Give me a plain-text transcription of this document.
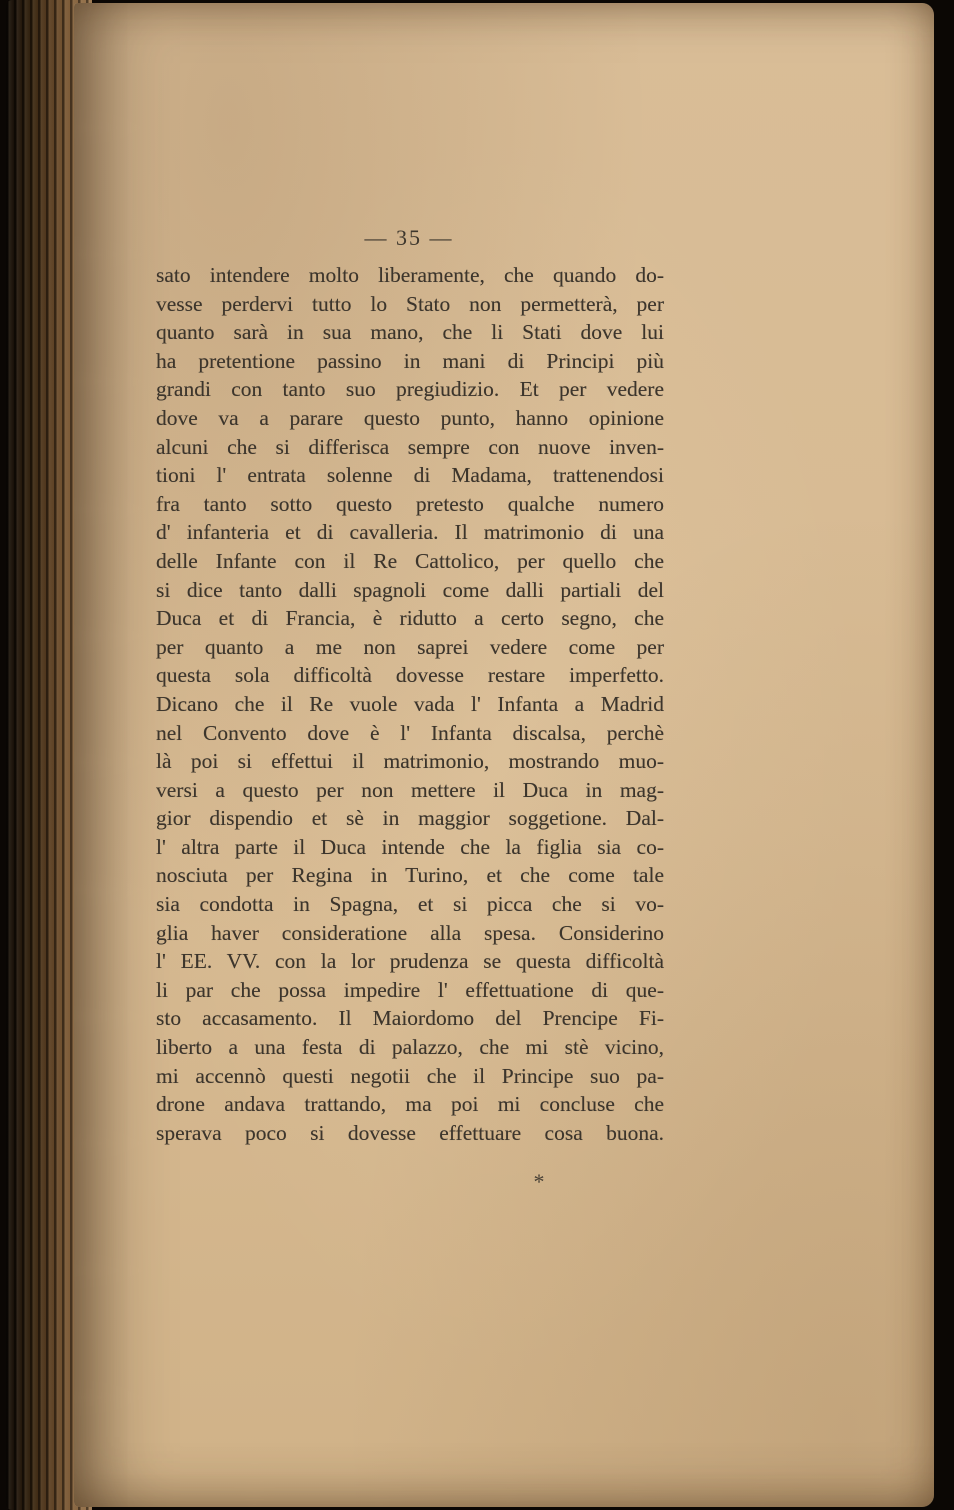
— 35 —
sato intendere molto liberamente, che quando do-
vesse perdervi tutto lo Stato non permetterà, per
quanto sarà in sua mano, che li Stati dove lui
ha pretentione passino in mani di Principi più
grandi con tanto suo pregiudizio. Et per vedere
dove va a parare questo punto, hanno opinione
alcuni che si differisca sempre con nuove inven-
tioni l' entrata solenne di Madama, trattenendosi
fra tanto sotto questo pretesto qualche numero
d' infanteria et di cavalleria. Il matrimonio di una
delle Infante con il Re Cattolico, per quello che
si dice tanto dalli spagnoli come dalli partiali del
Duca et di Francia, è ridutto a certo segno, che
per quanto a me non saprei vedere come per
questa sola difficoltà dovesse restare imperfetto.
Dicano che il Re vuole vada l' Infanta a Madrid
nel Convento dove è l' Infanta discalsa, perchè
là poi si effettui il matrimonio, mostrando muo-
versi a questo per non mettere il Duca in mag-
gior dispendio et sè in maggior soggetione. Dal-
l' altra parte il Duca intende che la figlia sia co-
nosciuta per Regina in Turino, et che come tale
sia condotta in Spagna, et si picca che si vo-
glia haver consideratione alla spesa. Considerino
l' EE. VV. con la lor prudenza se questa difficoltà
li par che possa impedire l' effettuatione di que-
sto accasamento. Il Maiordomo del Prencipe Fi-
liberto a una festa di palazzo, che mi stè vicino,
mi accennò questi negotii che il Principe suo pa-
drone andava trattando, ma poi mi concluse che
sperava poco si dovesse effettuare cosa buona.
*
